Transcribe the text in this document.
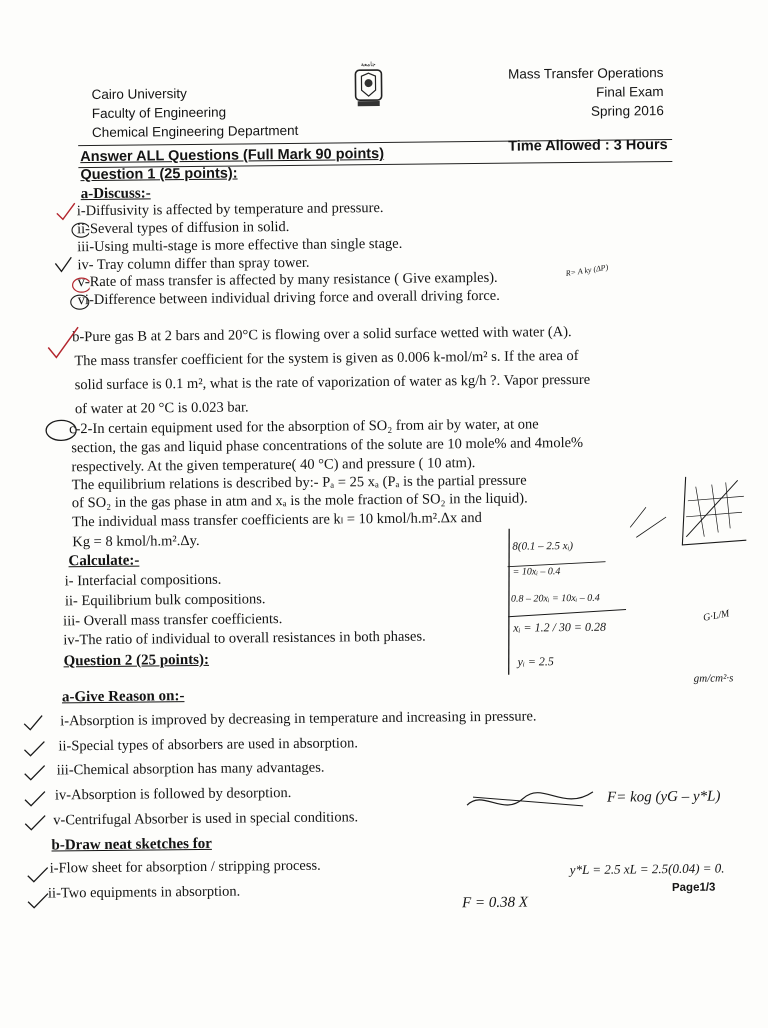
Cairo University
Faculty of Engineering
Chemical Engineering Department
ﺟﺎﻣﻌﺔ
Mass Transfer Operations
Final Exam
Spring 2016
Answer ALL Questions (Full Mark 90 points)
Time Allowed : 3 Hours
Question 1 (25 points):
a-Discuss:-
i-Diffusivity is affected by temperature and pressure.
ii-Several types of diffusion in solid.
iii-Using multi-stage is more effective than single stage.
iv- Tray column differ than spray tower.
v-Rate of mass transfer is affected by many resistance ( Give examples).
vi-Difference between individual driving force and overall driving force.
b-Pure gas B at 2 bars and 20°C is flowing over a solid surface wetted with water (A).
The mass transfer coefficient for the system is given as 0.006 k-mol/m² s. If the area of
solid surface is 0.1 m², what is the rate of vaporization of water as kg/h ?. Vapor pressure
of water at 20 °C is 0.023 bar.
c-2-In certain equipment used for the absorption of SO₂ from air by water, at one
section, the gas and liquid phase concentrations of the solute are 10 mole% and 4mole%
respectively. At the given temperature( 40 °C) and pressure ( 10 atm).
The equilibrium relations is described by:- Pₐ = 25 xₐ (Pₐ is the partial pressure
of SO₂ in the gas phase in atm and xₐ is the mole fraction of SO₂ in the liquid).
The individual mass transfer coefficients are kₗ = 10 kmol/h.m².Δx and
Kg = 8 kmol/h.m².Δy.
Calculate:-
i- Interfacial compositions.
ii- Equilibrium bulk compositions.
iii- Overall mass transfer coefficients.
iv-The ratio of individual to overall resistances in both phases.
Question 2 (25 points):
a-Give Reason on:-
i-Absorption is improved by decreasing in temperature and increasing in pressure.
ii-Special types of absorbers are used in absorption.
iii-Chemical absorption has many advantages.
iv-Absorption is followed by desorption.
v-Centrifugal Absorber is used in special conditions.
b-Draw neat sketches for
i-Flow sheet for absorption / stripping process.
ii-Two equipments in absorption.	Page1/3
R= A ky (ΔP)
8(0.1 – 2.5 xᵢ)
= 10xᵢ – 0.4
0.8 – 20xᵢ = 10xᵢ – 0.4
xᵢ = 1.2 / 30 = 0.28
yᵢ = 2.5
G·L/M
gm/cm²·s
F= kog (yG – y*L)
y*L = 2.5 xL = 2.5(0.04) = 0.
F = 0.38 X
